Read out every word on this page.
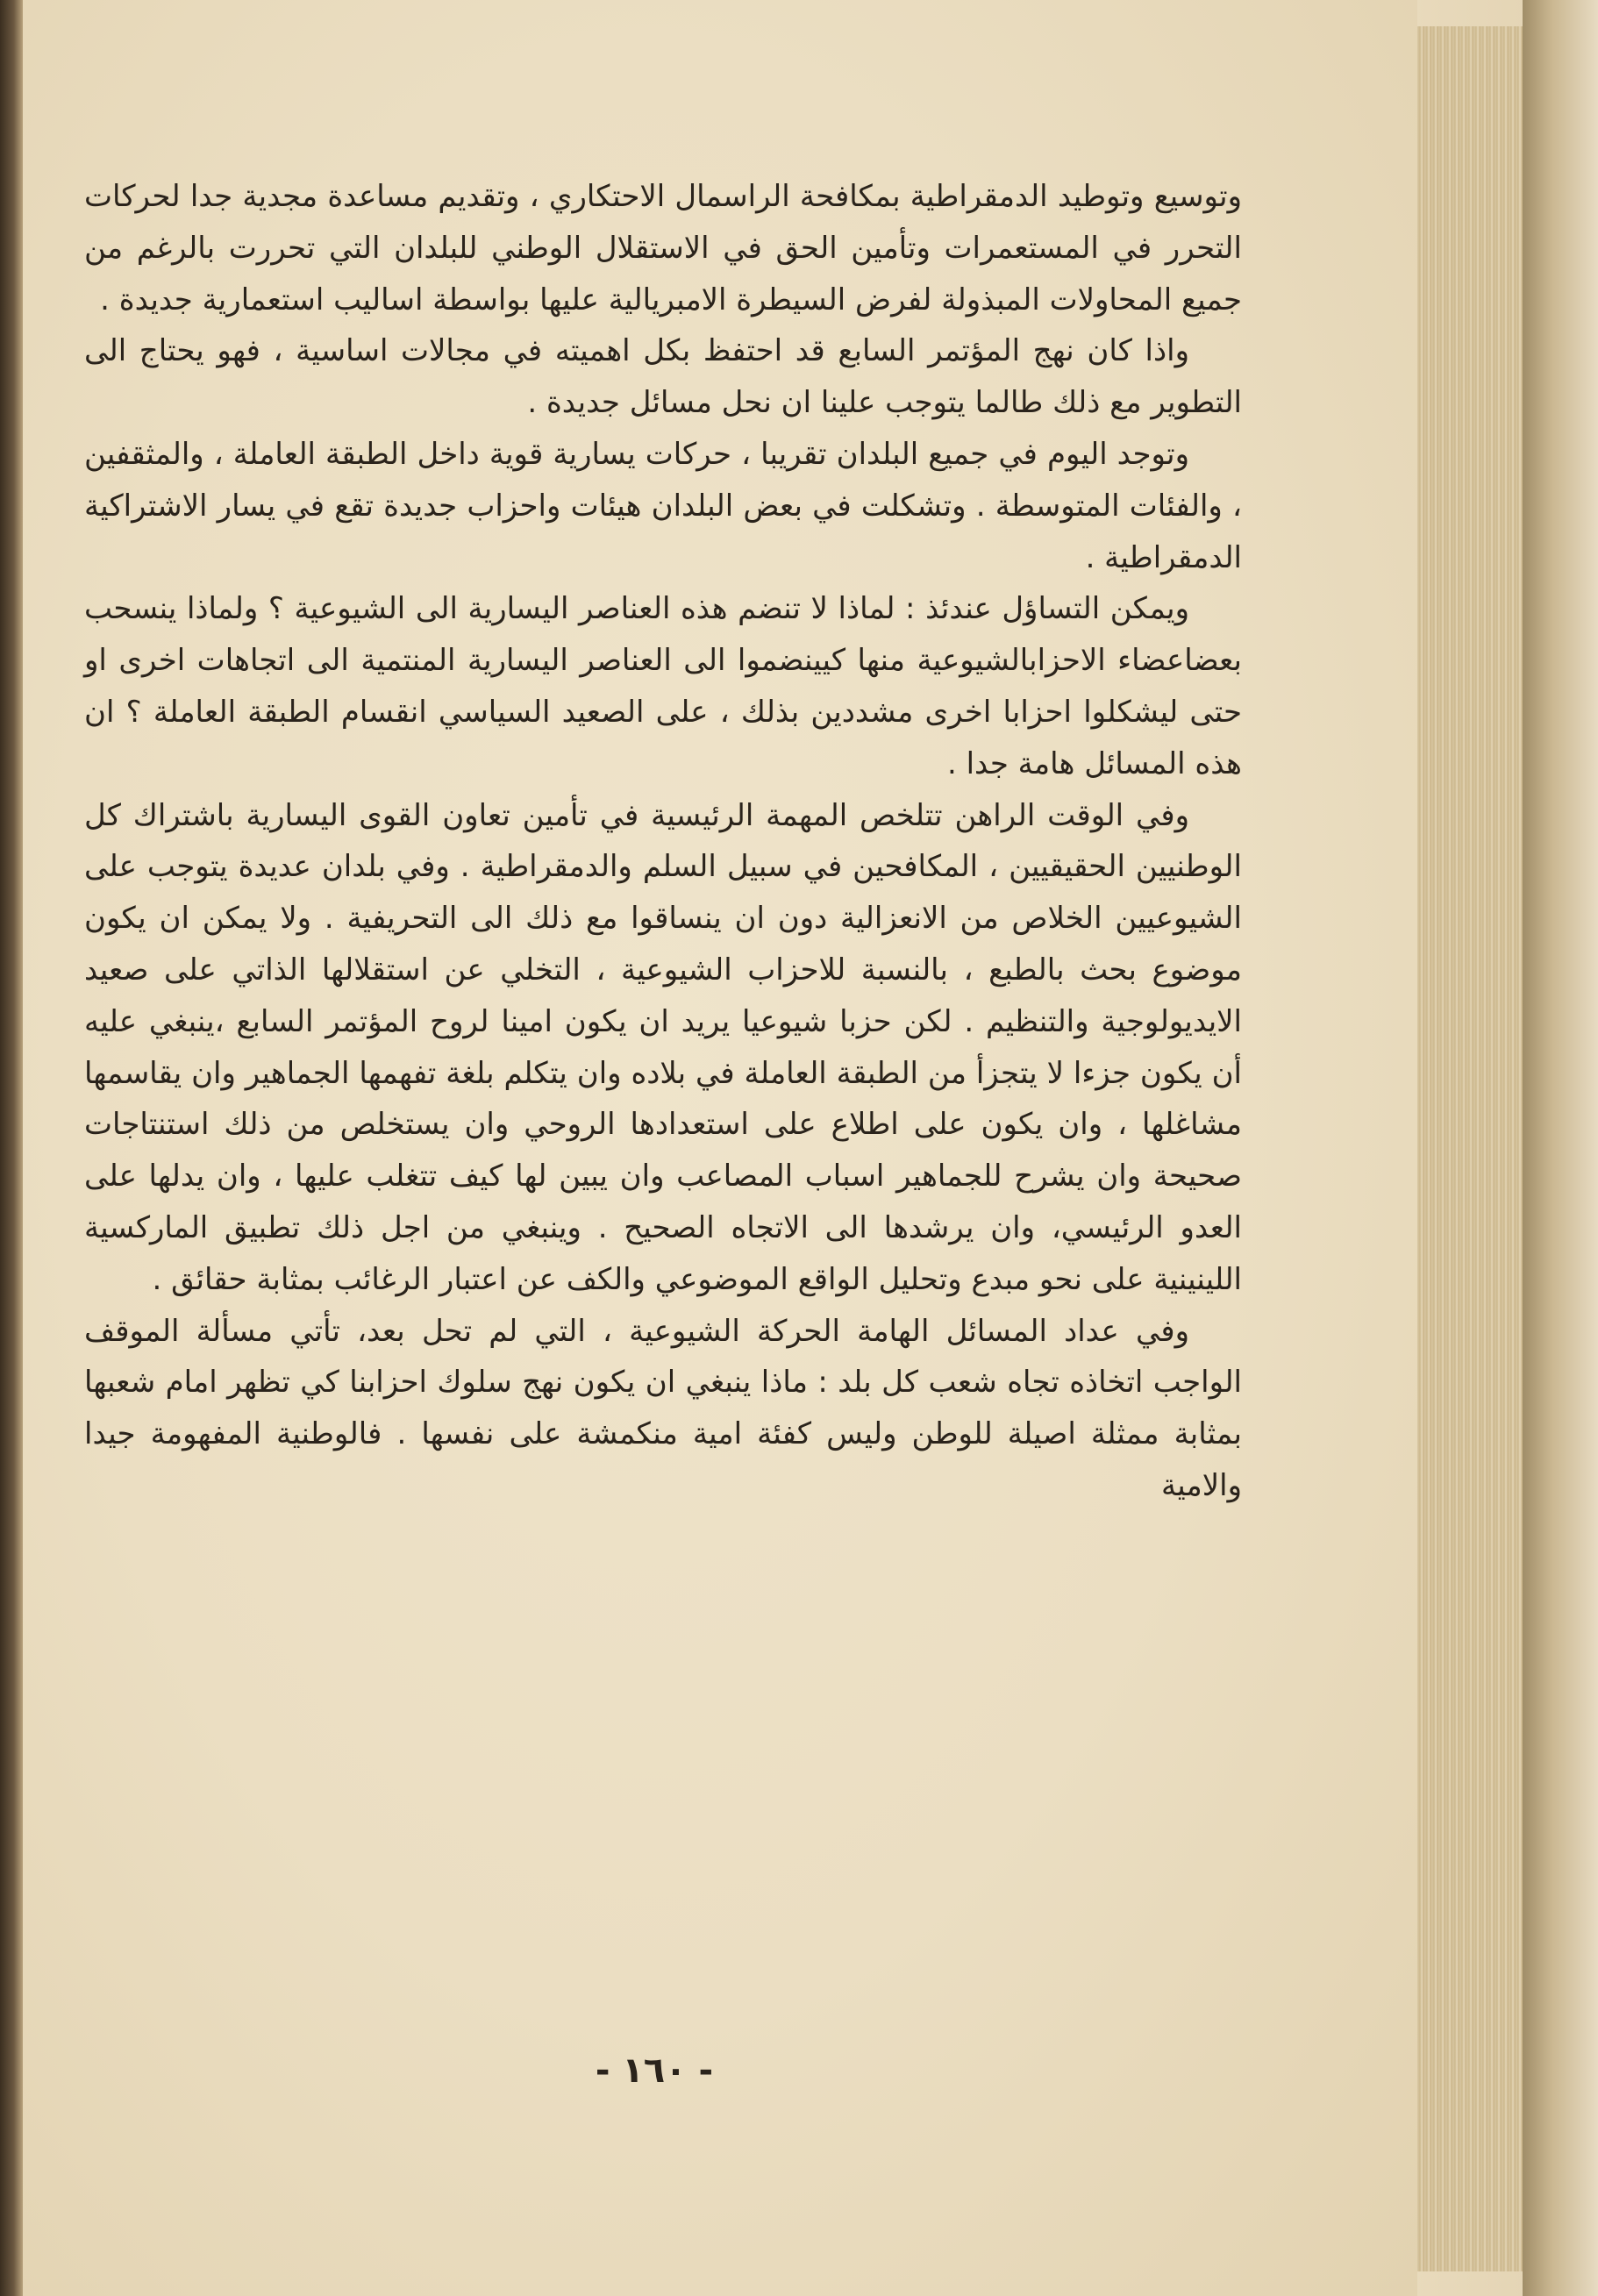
وتوسيع وتوطيد الدمقراطية بمكافحة الراسمال الاحتكاري ، وتقديم مساعدة مجدية جدا لحركات التحرر في المستعمرات وتأمين الحق في الاستقلال الوطني للبلدان التي تحررت بالرغم من جميع المحاولات المبذولة لفرض السيطرة الامبريالية عليها بواسطة اساليب استعمارية جديدة .

واذا كان نهج المؤتمر السابع قد احتفظ بكل اهميته في مجالات اساسية ، فهو يحتاج الى التطوير مع ذلك طالما يتوجب علينا ان نحل مسائل جديدة .

وتوجد اليوم في جميع البلدان تقريبا ، حركات يسارية قوية داخل الطبقة العاملة ، والمثقفين ، والفئات المتوسطة . وتشكلت في بعض البلدان هيئات واحزاب جديدة تقع في يسار الاشتراكية الدمقراطية .

ويمكن التساؤل عندئذ : لماذا لا تنضم هذه العناصر اليسارية الى الشيوعية ؟ ولماذا ينسحب بعضاعضاء الاحزابالشيوعية منها كيينضموا الى العناصر اليسارية المنتمية الى اتجاهات اخرى او حتى ليشكلوا احزابا اخرى مشددين بذلك ، على الصعيد السياسي انقسام الطبقة العاملة ؟ ان هذه المسائل هامة جدا .

وفي الوقت الراهن تتلخص المهمة الرئيسية في تأمين تعاون القوى اليسارية باشتراك كل الوطنيين الحقيقيين ، المكافحين في سبيل السلم والدمقراطية . وفي بلدان عديدة يتوجب على الشيوعيين الخلاص من الانعزالية دون ان ينساقوا مع ذلك الى التحريفية . ولا يمكن ان يكون موضوع بحث بالطبع ، بالنسبة للاحزاب الشيوعية ، التخلي عن استقلالها الذاتي على صعيد الايديولوجية والتنظيم . لكن حزبا شيوعيا يريد ان يكون امينا لروح المؤتمر السابع ،ينبغي عليه أن يكون جزءا لا يتجزأ من الطبقة العاملة في بلاده وان يتكلم بلغة تفهمها الجماهير وان يقاسمها مشاغلها ، وان يكون على اطلاع على استعدادها الروحي وان يستخلص من ذلك استنتاجات صحيحة وان يشرح للجماهير اسباب المصاعب وان يبين لها كيف تتغلب عليها ، وان يدلها على العدو الرئيسي، وان يرشدها الى الاتجاه الصحيح . وينبغي من اجل ذلك تطبيق الماركسية اللينينية على نحو مبدع وتحليل الواقع الموضوعي والكف عن اعتبار الرغائب بمثابة حقائق .

وفي عداد المسائل الهامة الحركة الشيوعية ، التي لم تحل بعد، تأتي مسألة الموقف الواجب اتخاذه تجاه شعب كل بلد : ماذا ينبغي ان يكون نهج سلوك احزابنا كي تظهر امام شعبها بمثابة ممثلة اصيلة للوطن وليس كفئة امية منكمشة على نفسها . فالوطنية المفهومة جيدا والامية

- ١٦٠ -
